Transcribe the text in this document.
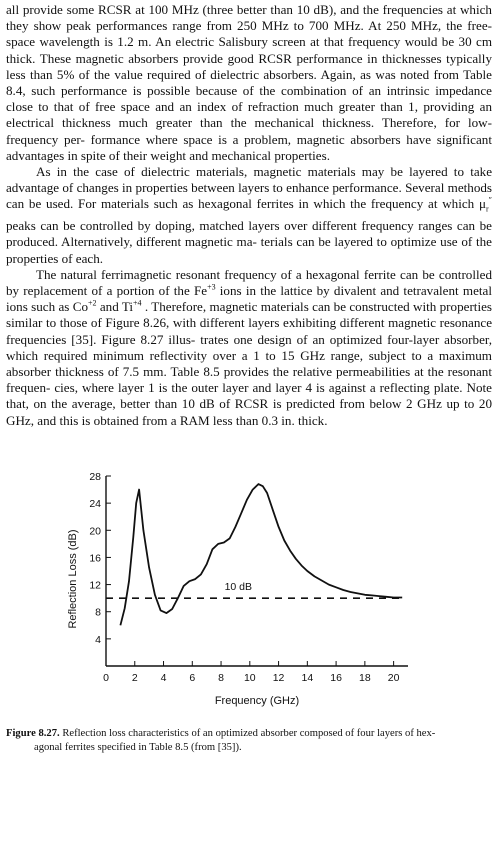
all provide some RCSR at 100 MHz (three better than 10 dB), and the frequencies at which they show peak performances range from 250 MHz to 700 MHz. At 250 MHz, the free-space wavelength is 1.2 m. An electric Salisbury screen at that frequency would be 30 cm thick. These magnetic absorbers provide good RCSR performance in thicknesses typically less than 5% of the value required of dielectric absorbers. Again, as was noted from Table 8.4, such performance is possible because of the combination of an intrinsic impedance close to that of free space and an index of refraction much greater than 1, providing an electrical thickness much greater than the mechanical thickness. Therefore, for low-frequency per- formance where space is a problem, magnetic absorbers have significant advantages in spite of their weight and mechanical properties.

As in the case of dielectric materials, magnetic materials may be layered to take advantage of changes in properties between layers to enhance performance. Several methods can be used. For materials such as hexagonal ferrites in which the frequency at which $\mu_r''$ peaks can be controlled by doping, matched layers over different frequency ranges can be produced. Alternatively, different magnetic ma- terials can be layered to optimize use of the properties of each.

The natural ferrimagnetic resonant frequency of a hexagonal ferrite can be controlled by replacement of a portion of the $Fe^{+3}$ ions in the lattice by divalent and tetravalent metal ions such as $Co^{+2}$ and $Ti^{+4}$ . Therefore, magnetic materials can be constructed with properties similar to those of Figure 8.26, with different layers exhibiting different magnetic resonance frequencies [35]. Figure 8.27 illus- trates one design of an optimized four-layer absorber, which required minimum reflectivity over a 1 to 15 GHz range, subject to a maximum absorber thickness of 7.5 mm. Table 8.5 provides the relative permeabilities at the resonant frequen- cies, where layer 1 is the outer layer and layer 4 is against a reflecting plate. Note that, on the average, better than 10 dB of RCSR is predicted from below 2 GHz up to 20 GHz, and this is obtained from a RAM less than 0.3 in. thick.

0 2 4 6 8 10 12 14 16 18 20
4
8
12
16
20
24
28
Frequency (GHz)
Reflection Loss (dB)	10 dB
Figure 8.27. Reflection loss characteristics of an optimized absorber composed of four layers of hex-
agonal ferrites specified in Table 8.5 (from [35]).
